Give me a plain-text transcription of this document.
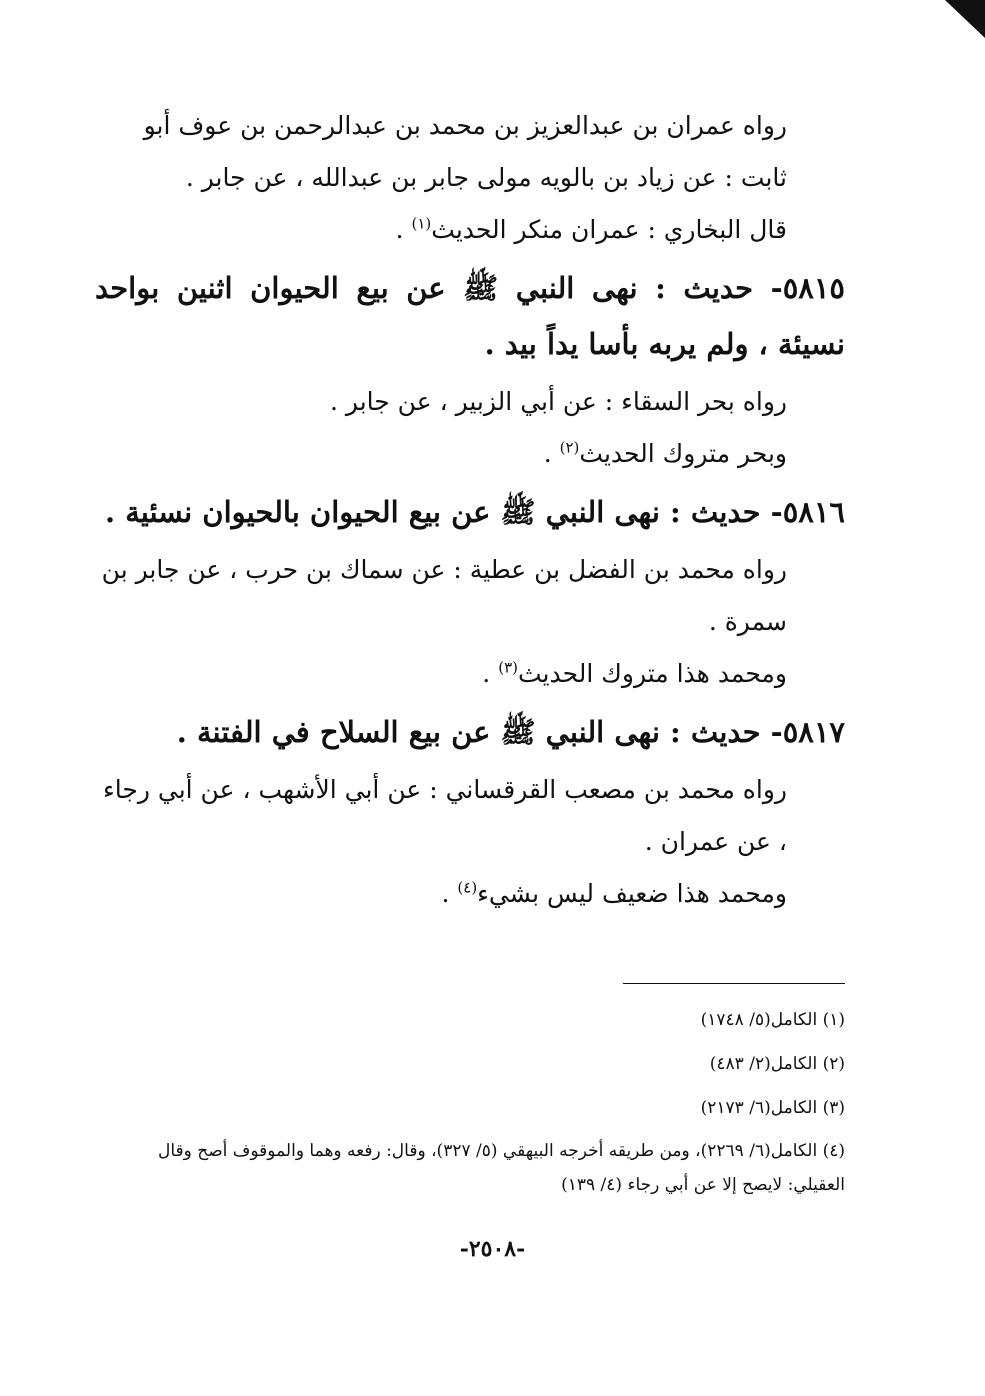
رواه عمران بن عبدالعزيز بن محمد بن عبدالرحمن بن عوف أبو ثابت : عن زياد بن بالويه مولى جابر بن عبدالله ، عن جابر .

قال البخاري : عمران منكر الحديث$^{(١)}$ .

٥٨١٥- حديث : نهى النبي ﷺ عن بيع الحيوان اثنين بواحد نسيئة ، ولم يربه بأسا يداً بيد .

رواه بحر السقاء : عن أبي الزبير ، عن جابر .

وبحر متروك الحديث$^{(٢)}$ .

٥٨١٦- حديث : نهى النبي ﷺ عن بيع الحيوان بالحيوان نسئية .

رواه محمد بن الفضل بن عطية : عن سماك بن حرب ، عن جابر بن سمرة .

ومحمد هذا متروك الحديث$^{(٣)}$ .

٥٨١٧- حديث : نهى النبي ﷺ عن بيع السلاح في الفتنة .

رواه محمد بن مصعب القرقساني : عن أبي الأشهب ، عن أبي رجاء ، عن عمران .

ومحمد هذا ضعيف ليس بشيء$^{(٤)}$ .

(١) الكامل(٥/ ١٧٤٨)

(٢) الكامل(٢/ ٤٨٣)

(٣) الكامل(٦/ ٢١٧٣)

(٤) الكامل(٦/ ٢٢٦٩)، ومن طريقه أخرجه البيهقي (٥/ ٣٢٧)، وقال: رفعه وهما والموقوف أصح وقال العقيلي: لايصح إلا عن أبي رجاء (٤/ ١٣٩)

-٢٥٠٨-
